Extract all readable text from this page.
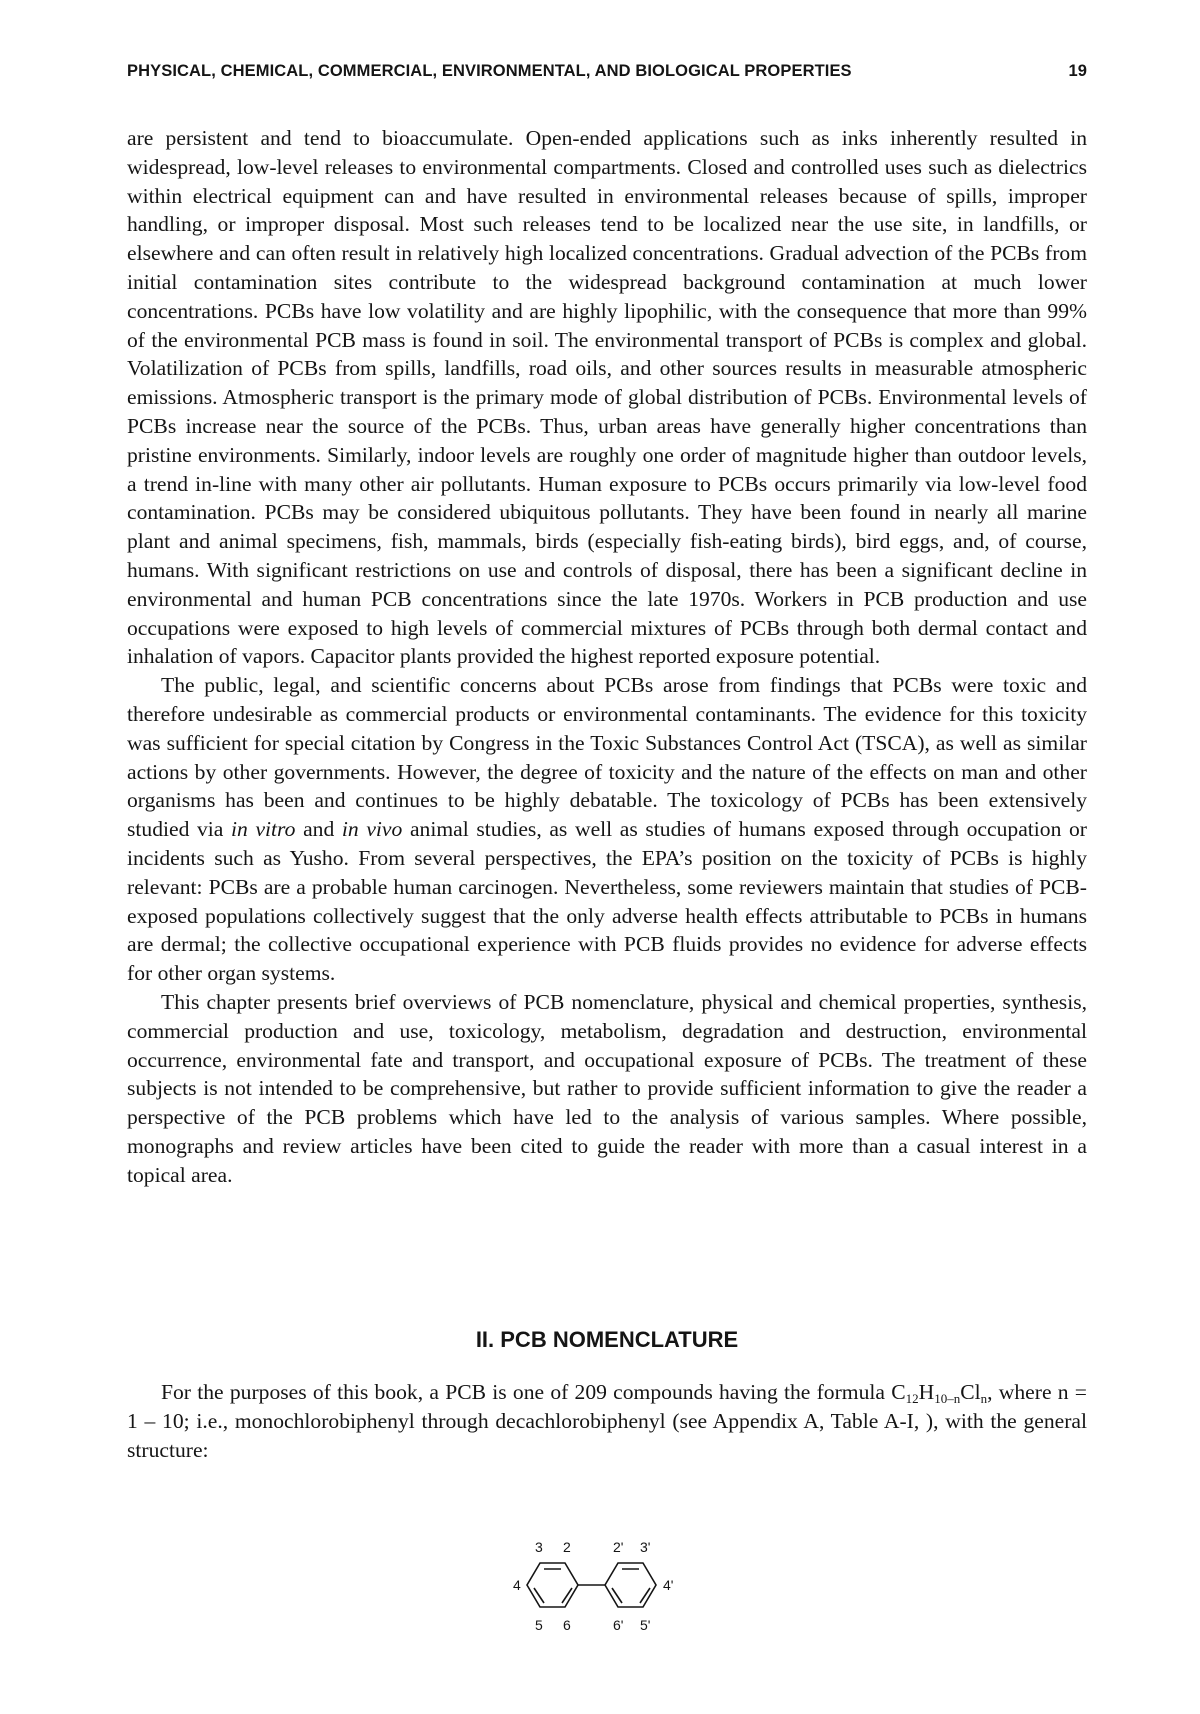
PHYSICAL, CHEMICAL, COMMERCIAL, ENVIRONMENTAL, AND BIOLOGICAL PROPERTIES	19

are persistent and tend to bioaccumulate. Open-ended applications such as inks inherently resulted in widespread, low-level releases to environmental compartments. Closed and controlled uses such as dielectrics within electrical equipment can and have resulted in environmental releases because of spills, improper handling, or improper disposal. Most such releases tend to be localized near the use site, in landfills, or elsewhere and can often result in relatively high localized concentrations. Gradual advection of the PCBs from initial contamination sites contribute to the widespread background contamination at much lower concentrations. PCBs have low volatility and are highly lipophilic, with the consequence that more than 99% of the environmental PCB mass is found in soil. The environmental transport of PCBs is complex and global. Volatilization of PCBs from spills, landfills, road oils, and other sources results in measurable atmospheric emissions. Atmospheric transport is the primary mode of global distribution of PCBs. Environmental levels of PCBs increase near the source of the PCBs. Thus, urban areas have generally higher concentrations than pristine environments. Similarly, indoor levels are roughly one order of magnitude higher than outdoor levels, a trend in-line with many other air pollutants. Human exposure to PCBs occurs primarily via low-level food contamination. PCBs may be considered ubiquitous pollutants. They have been found in nearly all marine plant and animal specimens, fish, mammals, birds (especially fish-eating birds), bird eggs, and, of course, humans. With significant restrictions on use and controls of disposal, there has been a significant decline in environmental and human PCB concentrations since the late 1970s. Workers in PCB production and use occupations were exposed to high levels of commercial mixtures of PCBs through both dermal contact and inhalation of vapors. Capacitor plants provided the highest reported exposure potential.

The public, legal, and scientific concerns about PCBs arose from findings that PCBs were toxic and therefore undesirable as commercial products or environmental contaminants. The evidence for this toxicity was sufficient for special citation by Congress in the Toxic Substances Control Act (TSCA), as well as similar actions by other governments. However, the degree of toxicity and the nature of the effects on man and other organisms has been and continues to be highly debatable. The toxicology of PCBs has been extensively studied via in vitro and in vivo animal studies, as well as studies of humans exposed through occupation or incidents such as Yusho. From several perspectives, the EPA’s position on the toxicity of PCBs is highly relevant: PCBs are a probable human carcinogen. Nevertheless, some reviewers maintain that studies of PCB-exposed populations collectively suggest that the only adverse health effects attributable to PCBs in humans are dermal; the collective occupational experience with PCB fluids provides no evidence for adverse effects for other organ systems.

This chapter presents brief overviews of PCB nomenclature, physical and chemical properties, synthesis, commercial production and use, toxicology, metabolism, degradation and destruction, environmental occurrence, environmental fate and transport, and occupational exposure of PCBs. The treatment of these subjects is not intended to be comprehensive, but rather to provide sufficient information to give the reader a perspective of the PCB problems which have led to the analysis of various samples. Where possible, monographs and review articles have been cited to guide the reader with more than a casual interest in a topical area.

II. PCB NOMENCLATURE

For the purposes of this book, a PCB is one of 209 compounds having the formula $C_{12}H_{10-n}Cl_n$, where n = 1 – 10; i.e., monochlorobiphenyl through decachlorobiphenyl (see Appendix A, Table A-I, ), with the general structure:

3 2	2' 3'
4	4'
5 6	6' 5'
